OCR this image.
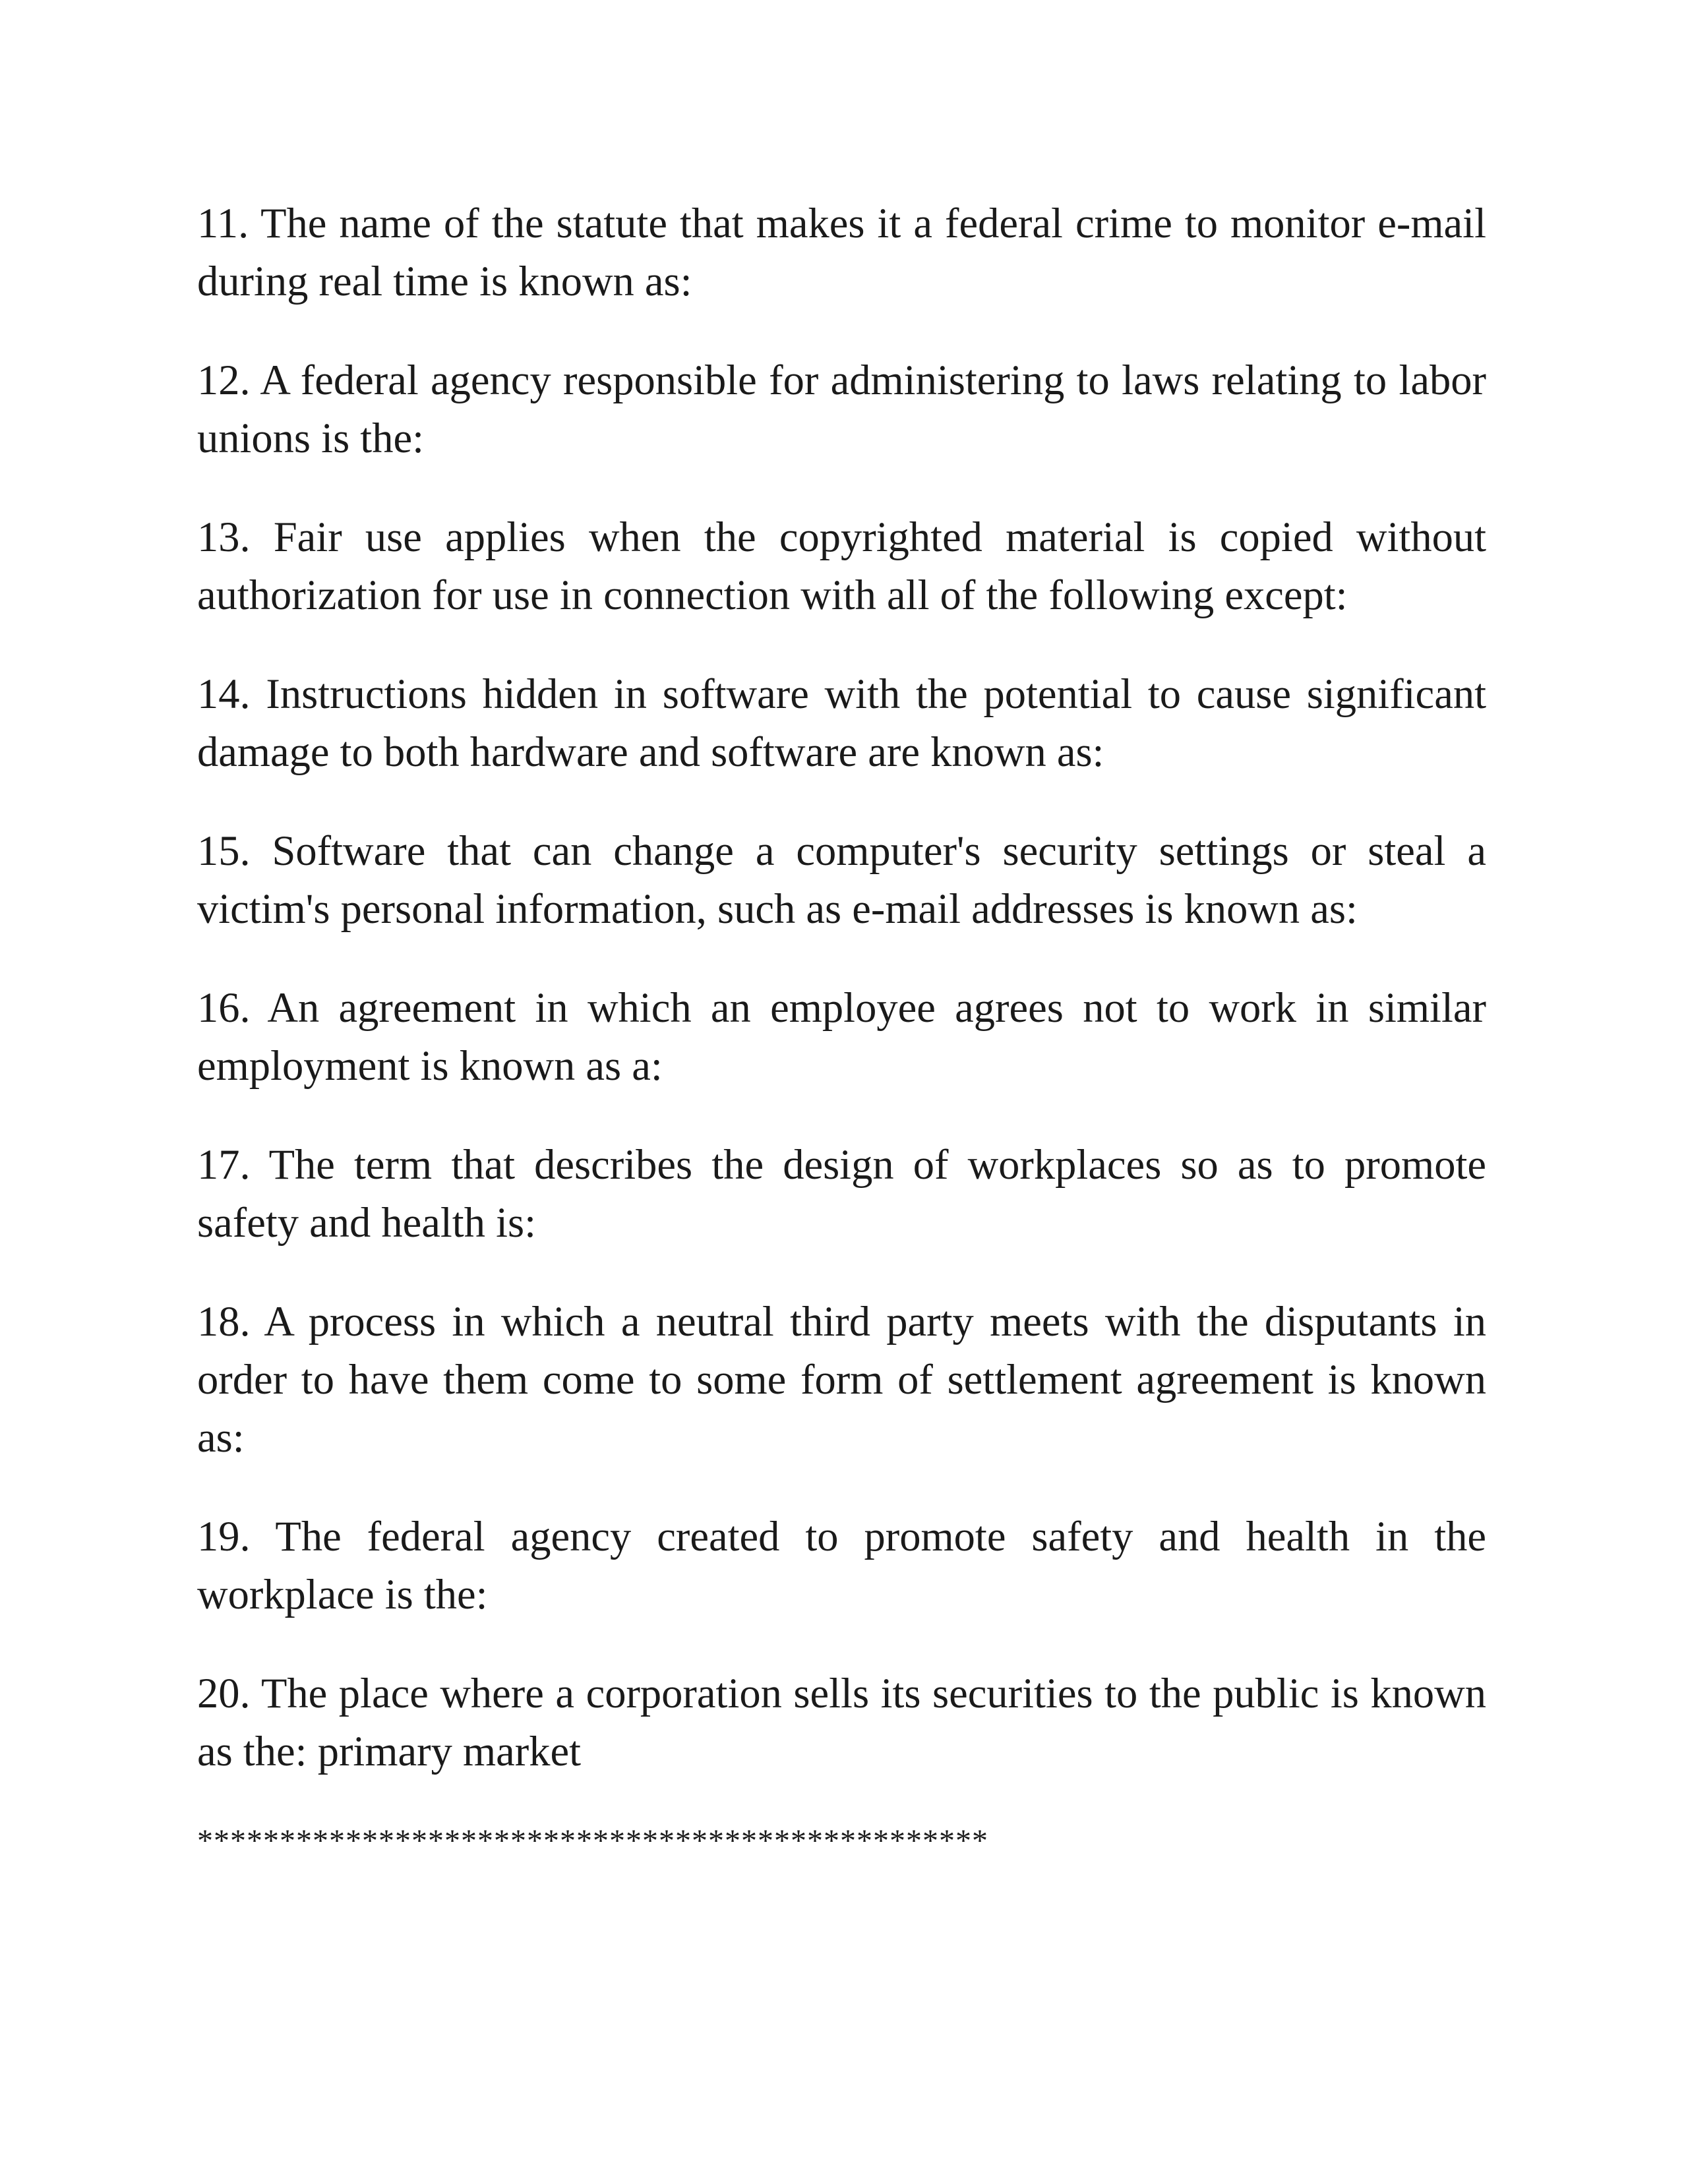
11. The name of the statute that makes it a federal crime to monitor e-mail during real time is known as:

12. A federal agency responsible for administering to laws relating to labor unions is the:

13. Fair use applies when the copyrighted material is copied without authorization for use in connection with all of the following except:

14. Instructions hidden in software with the potential to cause significant damage to both hardware and software are known as:

15. Software that can change a computer's security settings or steal a victim's personal information, such as e-mail addresses is known as:

16. An agreement in which an employee agrees not to work in similar employment is known as a:

17. The term that describes the design of workplaces so as to promote safety and health is:

18. A process in which a neutral third party meets with the disputants in order to have them come to some form of settlement agreement is known as:

19. The federal agency created to promote safety and health in the workplace is the:

20. The place where a corporation sells its securities to the public is known as the: primary market

************************************************
